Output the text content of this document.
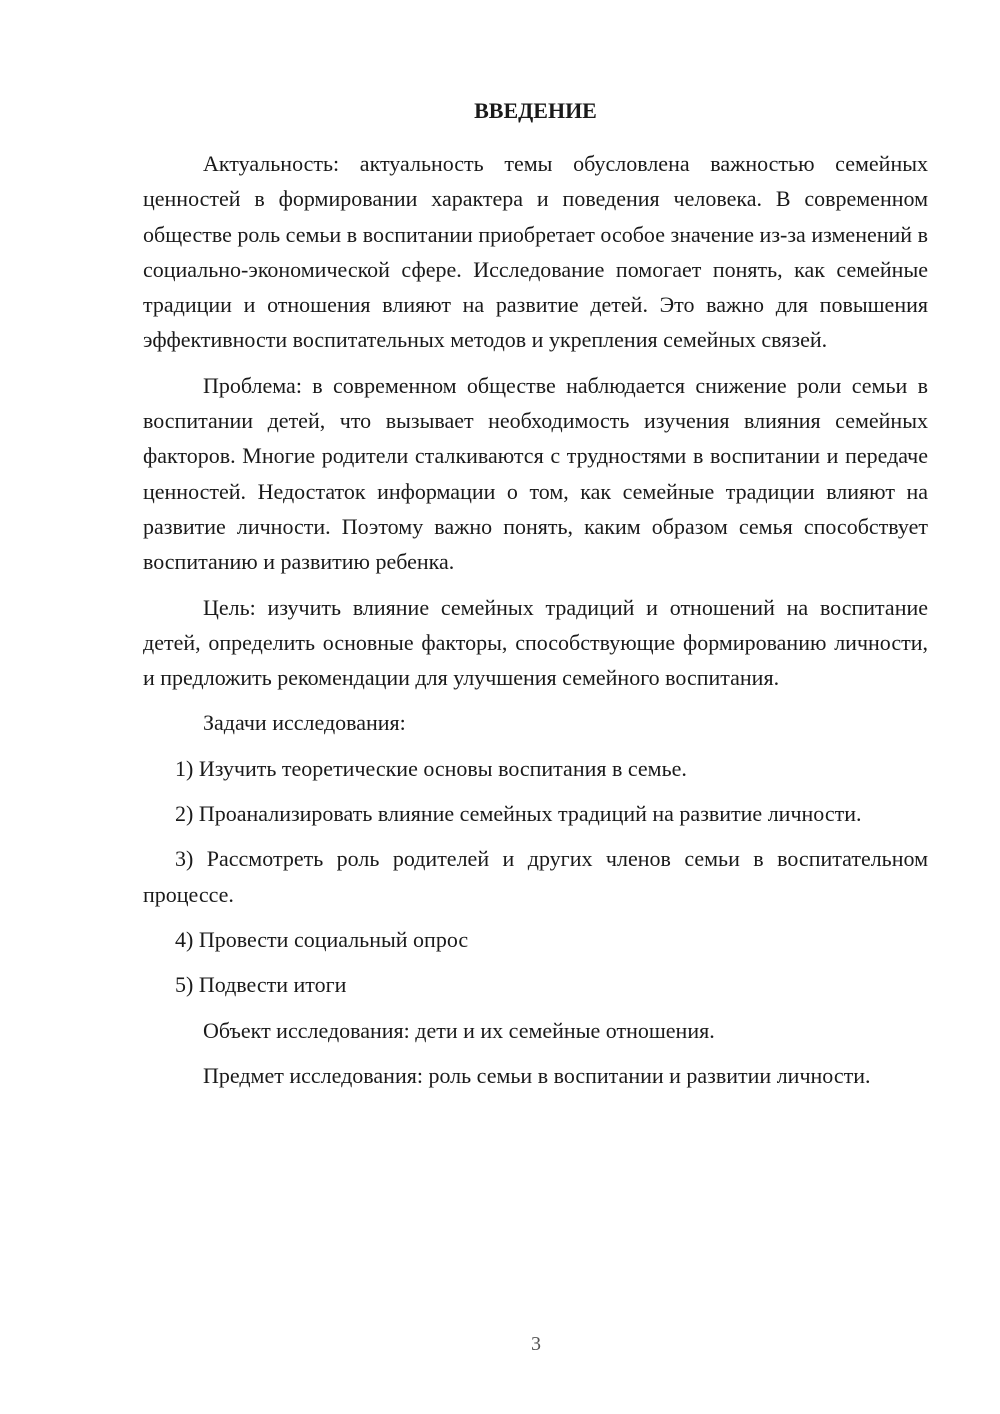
ВВЕДЕНИЕ

Актуальность: актуальность темы обусловлена важностью семейных ценностей в формировании характера и поведения человека. В современном обществе роль семьи в воспитании приобретает особое значение из-за изменений в социально-экономической сфере. Исследование помогает понять, как семейные традиции и отношения влияют на развитие детей. Это важно для повышения эффективности воспитательных методов и укрепления семейных связей.

Проблема: в современном обществе наблюдается снижение роли семьи в воспитании детей, что вызывает необходимость изучения влияния семейных факторов. Многие родители сталкиваются с трудностями в воспитании и передаче ценностей. Недостаток информации о том, как семейные традиции влияют на развитие личности. Поэтому важно понять, каким образом семья способствует воспитанию и развитию ребенка.

Цель: изучить влияние семейных традиций и отношений на воспитание детей, определить основные факторы, способствующие формированию личности, и предложить рекомендации для улучшения семейного воспитания.

Задачи исследования:

1) Изучить теоретические основы воспитания в семье.

2) Проанализировать влияние семейных традиций на развитие личности.

3) Рассмотреть роль родителей и других членов семьи в воспитательном процессе.

4) Провести социальный опрос

5) Подвести итоги

Объект исследования: дети и их семейные отношения.

Предмет исследования: роль семьи в воспитании и развитии личности.

3
